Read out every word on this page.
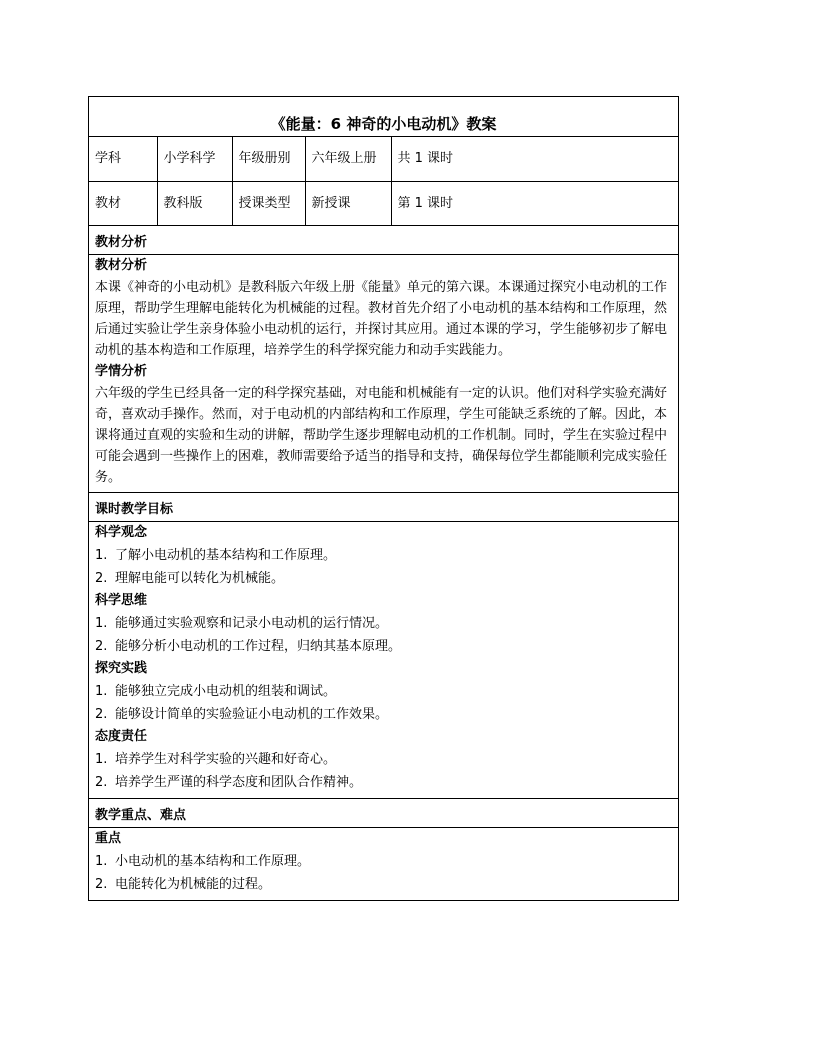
《能量：6 神奇的小电动机》教案
学科	小学科学	年级册别	六年级上册	共 1 课时
教材	教科版	授课类型	新授课	第 1 课时
教材分析
教材分析

本课《神奇的小电动机》是教科版六年级上册《能量》单元的第六课。本课通过探究小电动机的工作原理，帮助学生理解电能转化为机械能的过程。教材首先介绍了小电动机的基本结构和工作原理，然后通过实验让学生亲身体验小电动机的运行，并探讨其应用。通过本课的学习，学生能够初步了解电动机的基本构造和工作原理，培养学生的科学探究能力和动手实践能力。

学情分析

六年级的学生已经具备一定的科学探究基础，对电能和机械能有一定的认识。他们对科学实验充满好奇，喜欢动手操作。然而，对于电动机的内部结构和工作原理，学生可能缺乏系统的了解。因此，本课将通过直观的实验和生动的讲解，帮助学生逐步理解电动机的工作机制。同时，学生在实验过程中可能会遇到一些操作上的困难，教师需要给予适当的指导和支持，确保每位学生都能顺利完成实验任务。

课时教学目标
科学观念
1. 了解小电动机的基本结构和工作原理。
2. 理解电能可以转化为机械能。
科学思维
1. 能够通过实验观察和记录小电动机的运行情况。
2. 能够分析小电动机的工作过程，归纳其基本原理。
探究实践
1. 能够独立完成小电动机的组装和调试。
2. 能够设计简单的实验验证小电动机的工作效果。
态度责任
1. 培养学生对科学实验的兴趣和好奇心。
2. 培养学生严谨的科学态度和团队合作精神。
教学重点、难点
重点
1. 小电动机的基本结构和工作原理。
2. 电能转化为机械能的过程。
